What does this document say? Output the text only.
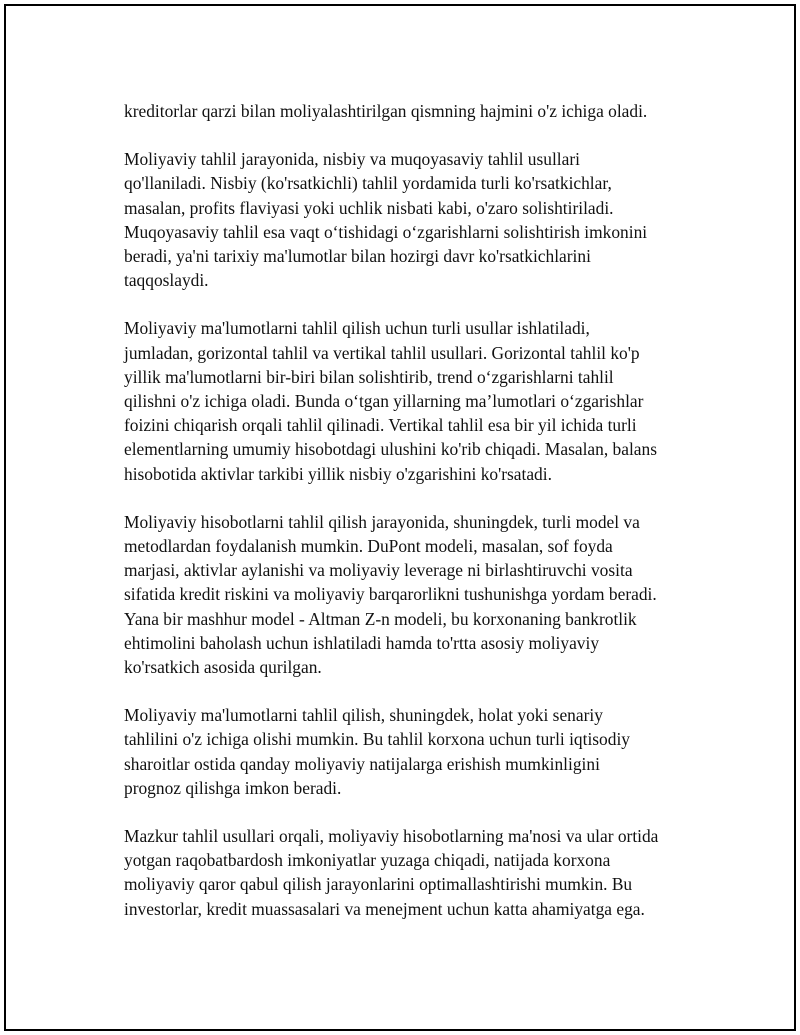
kreditorlar qarzi bilan moliyalashtirilgan qismning hajmini o'z ichiga oladi.

Moliyaviy tahlil jarayonida, nisbiy va muqoyasaviy tahlil usullari
qo'llaniladi. Nisbiy (ko'rsatkichli) tahlil yordamida turli ko'rsatkichlar,
masalan, profits flaviyasi yoki uchlik nisbati kabi, o'zaro solishtiriladi.
Muqoyasaviy tahlil esa vaqt o‘tishidagi o‘zgarishlarni solishtirish imkonini
beradi, ya'ni tarixiy ma'lumotlar bilan hozirgi davr ko'rsatkichlarini
taqqoslaydi.

Moliyaviy ma'lumotlarni tahlil qilish uchun turli usullar ishlatiladi,
jumladan, gorizontal tahlil va vertikal tahlil usullari. Gorizontal tahlil ko'p
yillik ma'lumotlarni bir-biri bilan solishtirib, trend o‘zgarishlarni tahlil
qilishni o'z ichiga oladi. Bunda o‘tgan yillarning ma’lumotlari o‘zgarishlar
foizini chiqarish orqali tahlil qilinadi. Vertikal tahlil esa bir yil ichida turli
elementlarning umumiy hisobotdagi ulushini ko'rib chiqadi. Masalan, balans
hisobotida aktivlar tarkibi yillik nisbiy o'zgarishini ko'rsatadi.

Moliyaviy hisobotlarni tahlil qilish jarayonida, shuningdek, turli model va
metodlardan foydalanish mumkin. DuPont modeli, masalan, sof foyda
marjasi, aktivlar aylanishi va moliyaviy leverage ni birlashtiruvchi vosita
sifatida kredit riskini va moliyaviy barqarorlikni tushunishga yordam beradi.
Yana bir mashhur model - Altman Z-n modeli, bu korxonaning bankrotlik
ehtimolini baholash uchun ishlatiladi hamda to'rtta asosiy moliyaviy
ko'rsatkich asosida qurilgan.

Moliyaviy ma'lumotlarni tahlil qilish, shuningdek, holat yoki senariy
tahlilini o'z ichiga olishi mumkin. Bu tahlil korxona uchun turli iqtisodiy
sharoitlar ostida qanday moliyaviy natijalarga erishish mumkinligini
prognoz qilishga imkon beradi.

Mazkur tahlil usullari orqali, moliyaviy hisobotlarning ma'nosi va ular ortida
yotgan raqobatbardosh imkoniyatlar yuzaga chiqadi, natijada korxona
moliyaviy qaror qabul qilish jarayonlarini optimallashtirishi mumkin. Bu
investorlar, kredit muassasalari va menejment uchun katta ahamiyatga ega.
